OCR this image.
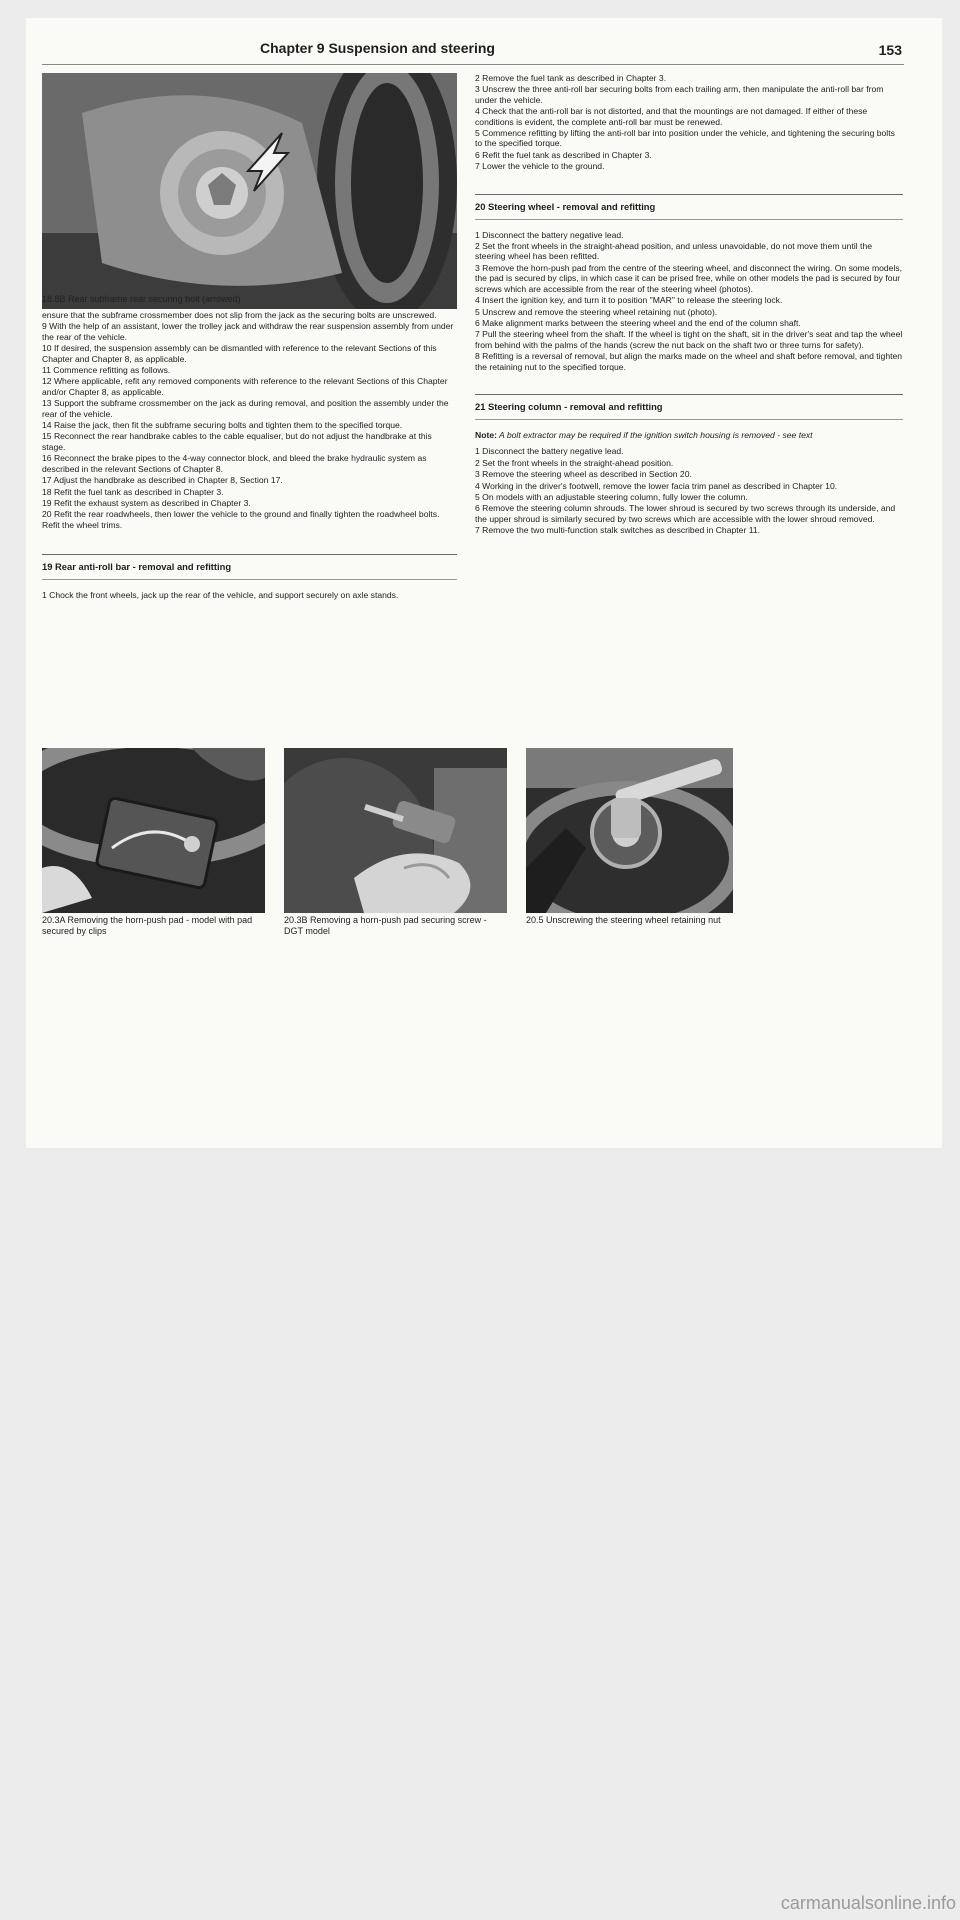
Chapter 9 Suspension and steering	153
18.8B Rear subframe rear securing bolt (arrowed)

ensure that the subframe crossmember does not slip from the jack as the securing bolts are unscrewed.

9 With the help of an assistant, lower the trolley jack and withdraw the rear suspension assembly from under the rear of the vehicle.

10 If desired, the suspension assembly can be dismantled with reference to the relevant Sections of this Chapter and Chapter 8, as applicable.

11 Commence refitting as follows.

12 Where applicable, refit any removed components with reference to the relevant Sections of this Chapter and/or Chapter 8, as applicable.

13 Support the subframe crossmember on the jack as during removal, and position the assembly under the rear of the vehicle.

14 Raise the jack, then fit the subframe securing bolts and tighten them to the specified torque.

15 Reconnect the rear handbrake cables to the cable equaliser, but do not adjust the handbrake at this stage.

16 Reconnect the brake pipes to the 4-way connector block, and bleed the brake hydraulic system as described in the relevant Sections of Chapter 8.

17 Adjust the handbrake as described in Chapter 8, Section 17.

18 Refit the fuel tank as described in Chapter 3.

19 Refit the exhaust system as described in Chapter 3.

20 Refit the rear roadwheels, then lower the vehicle to the ground and finally tighten the roadwheel bolts. Refit the wheel trims.

19 Rear anti-roll bar - removal and refitting

1 Chock the front wheels, jack up the rear of the vehicle, and support securely on axle stands.

2 Remove the fuel tank as described in Chapter 3.

3 Unscrew the three anti-roll bar securing bolts from each trailing arm, then manipulate the anti-roll bar from under the vehicle.

4 Check that the anti-roll bar is not distorted, and that the mountings are not damaged. If either of these conditions is evident, the complete anti-roll bar must be renewed.

5 Commence refitting by lifting the anti-roll bar into position under the vehicle, and tightening the securing bolts to the specified torque.

6 Refit the fuel tank as described in Chapter 3.

7 Lower the vehicle to the ground.

20 Steering wheel - removal and refitting

1 Disconnect the battery negative lead.

2 Set the front wheels in the straight-ahead position, and unless unavoidable, do not move them until the steering wheel has been refitted.

3 Remove the horn-push pad from the centre of the steering wheel, and disconnect the wiring. On some models, the pad is secured by clips, in which case it can be prised free, while on other models the pad is secured by four screws which are accessible from the rear of the steering wheel (photos).

4 Insert the ignition key, and turn it to position "MAR" to release the steering lock.

5 Unscrew and remove the steering wheel retaining nut (photo).

6 Make alignment marks between the steering wheel and the end of the column shaft.

7 Pull the steering wheel from the shaft. If the wheel is tight on the shaft, sit in the driver's seat and tap the wheel from behind with the palms of the hands (screw the nut back on the shaft two or three turns for safety).

8 Refitting is a reversal of removal, but align the marks made on the wheel and shaft before removal, and tighten the retaining nut to the specified torque.

21 Steering column - removal and refitting

Note: A bolt extractor may be required if the ignition switch housing is removed - see text

1 Disconnect the battery negative lead.

2 Set the front wheels in the straight-ahead position.

3 Remove the steering wheel as described in Section 20.

4 Working in the driver's footwell, remove the lower facia trim panel as described in Chapter 10.

5 On models with an adjustable steering column, fully lower the column.

6 Remove the steering column shrouds. The lower shroud is secured by two screws through its underside, and the upper shroud is similarly secured by two screws which are accessible with the lower shroud removed.

7 Remove the two multi-function stalk switches as described in Chapter 11.

20.3A Removing the horn-push pad - model with pad secured by clips
20.3B Removing a horn-push pad securing screw - DGT model
20.5 Unscrewing the steering wheel retaining nut
carmanualsonline.info
